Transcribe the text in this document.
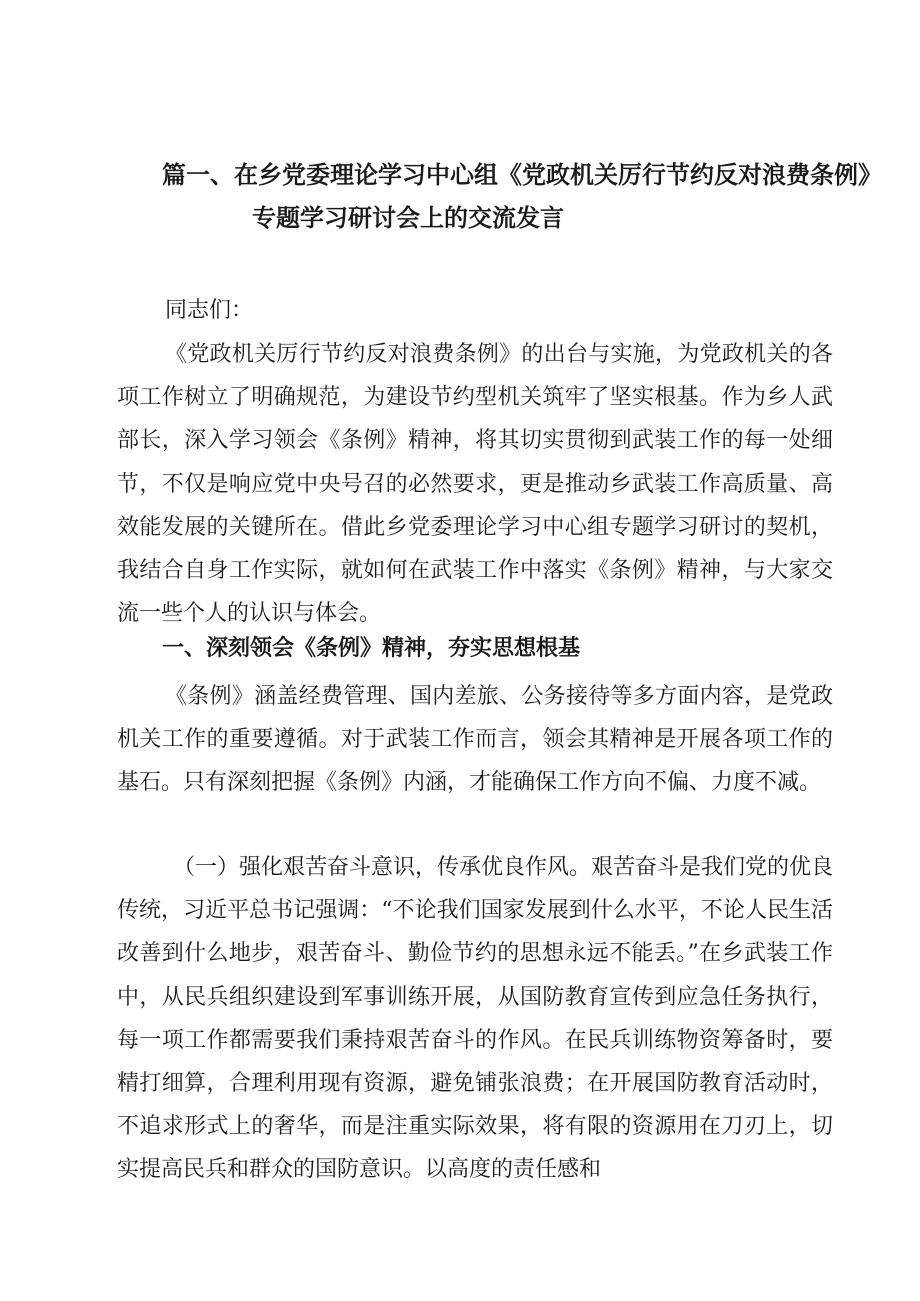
篇一、在乡党委理论学习中心组《党政机关厉行节约反对浪费条例》
专题学习研讨会上的交流发言

同志们：

《党政机关厉行节约反对浪费条例》的出台与实施，为党政机关的各项工作树立了明确规范，为建设节约型机关筑牢了坚实根基。作为乡人武部长，深入学习领会《条例》精神，将其切实贯彻到武装工作的每一处细节，不仅是响应党中央号召的必然要求，更是推动乡武装工作高质量、高效能发展的关键所在。借此乡党委理论学习中心组专题学习研讨的契机，我结合自身工作实际，就如何在武装工作中落实《条例》精神，与大家交流一些个人的认识与体会。

一、深刻领会《条例》精神，夯实思想根基

《条例》涵盖经费管理、国内差旅、公务接待等多方面内容，是党政机关工作的重要遵循。对于武装工作而言，领会其精神是开展各项工作的基石。只有深刻把握《条例》内涵，才能确保工作方向不偏、力度不减。

（一）强化艰苦奋斗意识，传承优良作风。艰苦奋斗是我们党的优良传统，习近平总书记强调：“不论我们国家发展到什么水平，不论人民生活改善到什么地步，艰苦奋斗、勤俭节约的思想永远不能丢。”在乡武装工作中，从民兵组织建设到军事训练开展，从国防教育宣传到应急任务执行，每一项工作都需要我们秉持艰苦奋斗的作风。在民兵训练物资筹备时，要精打细算，合理利用现有资源，避免铺张浪费；在开展国防教育活动时，不追求形式上的奢华，而是注重实际效果，将有限的资源用在刀刃上，切实提高民兵和群众的国防意识。以高度的责任感和
